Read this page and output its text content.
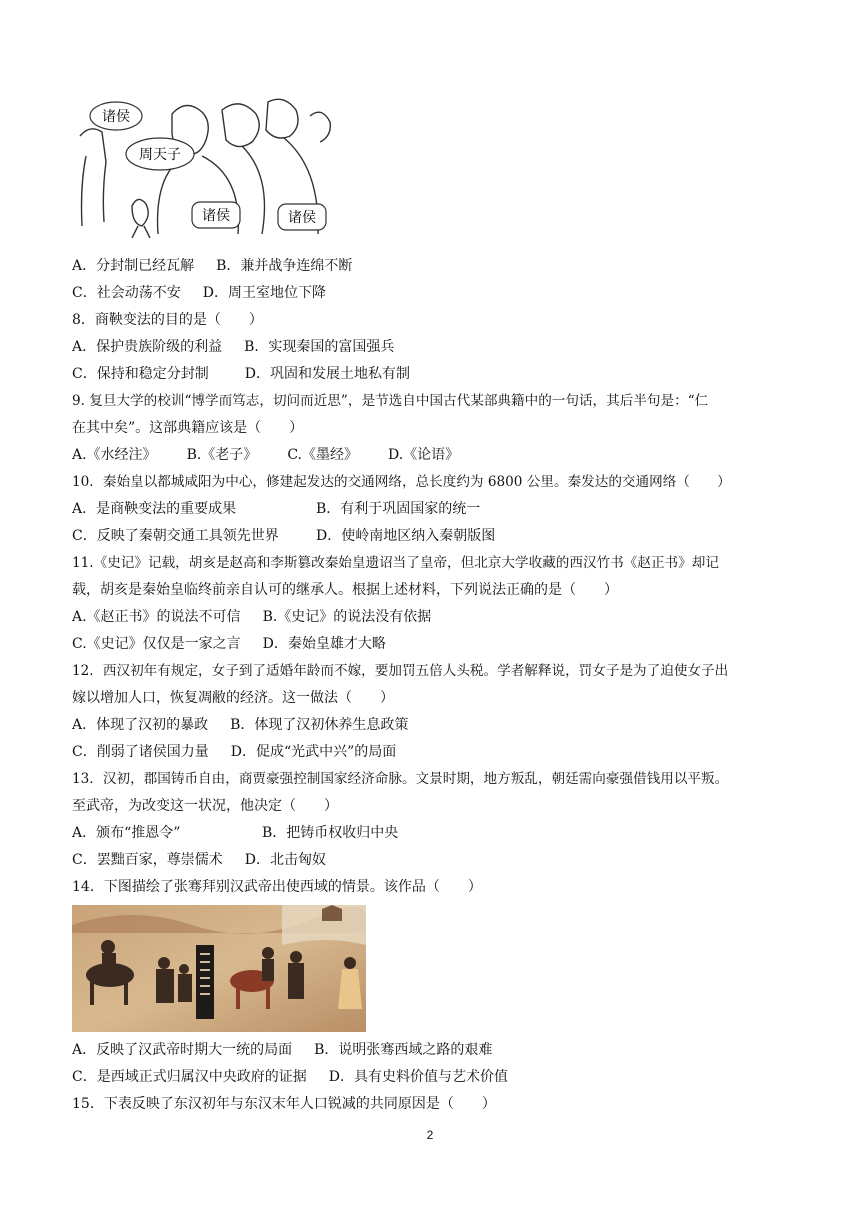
诸侯
周天子
诸侯	诸侯
A．分封制已经瓦解 B．兼并战争连绵不断
C．社会动荡不安 D．周王室地位下降
8．商鞅变法的目的是（　　）
A．保护贵族阶级的利益 B．实现秦国的富国强兵
C．保持和稳定分封制	D．巩固和发展土地私有制
9. 复旦大学的校训“博学而笃志，切问而近思”，是节选自中国古代某部典籍中的一句话，其后半句是：“仁
在其中矣”。这部典籍应该是（　　）
A.《水经注》 B.《老子》 C.《墨经》 D.《论语》
10．秦始皇以都城咸阳为中心，修建起发达的交通网络，总长度约为 6800 公里。秦发达的交通网络（　　）
A．是商鞅变法的重要成果	B．有利于巩固国家的统一
C．反映了秦朝交通工具领先世界	D．使岭南地区纳入秦朝版图
11.《史记》记载，胡亥是赵高和李斯篡改秦始皇遗诏当了皇帝，但北京大学收藏的西汉竹书《赵正书》却记
载，胡亥是秦始皇临终前亲自认可的继承人。根据上述材料，下列说法正确的是（　　）
A.《赵正书》的说法不可信 B.《史记》的说法没有依据
C.《史记》仅仅是一家之言 D．秦始皇雄才大略
12．西汉初年有规定，女子到了适婚年龄而不嫁，要加罚五倍人头税。学者解释说，罚女子是为了迫使女子出
嫁以增加人口，恢复凋敝的经济。这一做法（　　）
A．体现了汉初的暴政 B．体现了汉初休养生息政策
C．削弱了诸侯国力量 D．促成“光武中兴”的局面
13．汉初，郡国铸币自由，商贾豪强控制国家经济命脉。文景时期，地方叛乱，朝廷需向豪强借钱用以平叛。
至武帝，为改变这一状况，他决定（　　）
A．颁布“推恩令”	B．把铸币权收归中央
C．罢黜百家，尊崇儒术 D．北击匈奴
14．下图描绘了张骞拜别汉武帝出使西域的情景。该作品（　　）
A．反映了汉武帝时期大一统的局面 B．说明张骞西域之路的艰难
C．是西域正式归属汉中央政府的证据 D．具有史料价值与艺术价值
15．下表反映了东汉初年与东汉末年人口锐减的共同原因是（　　）
2
